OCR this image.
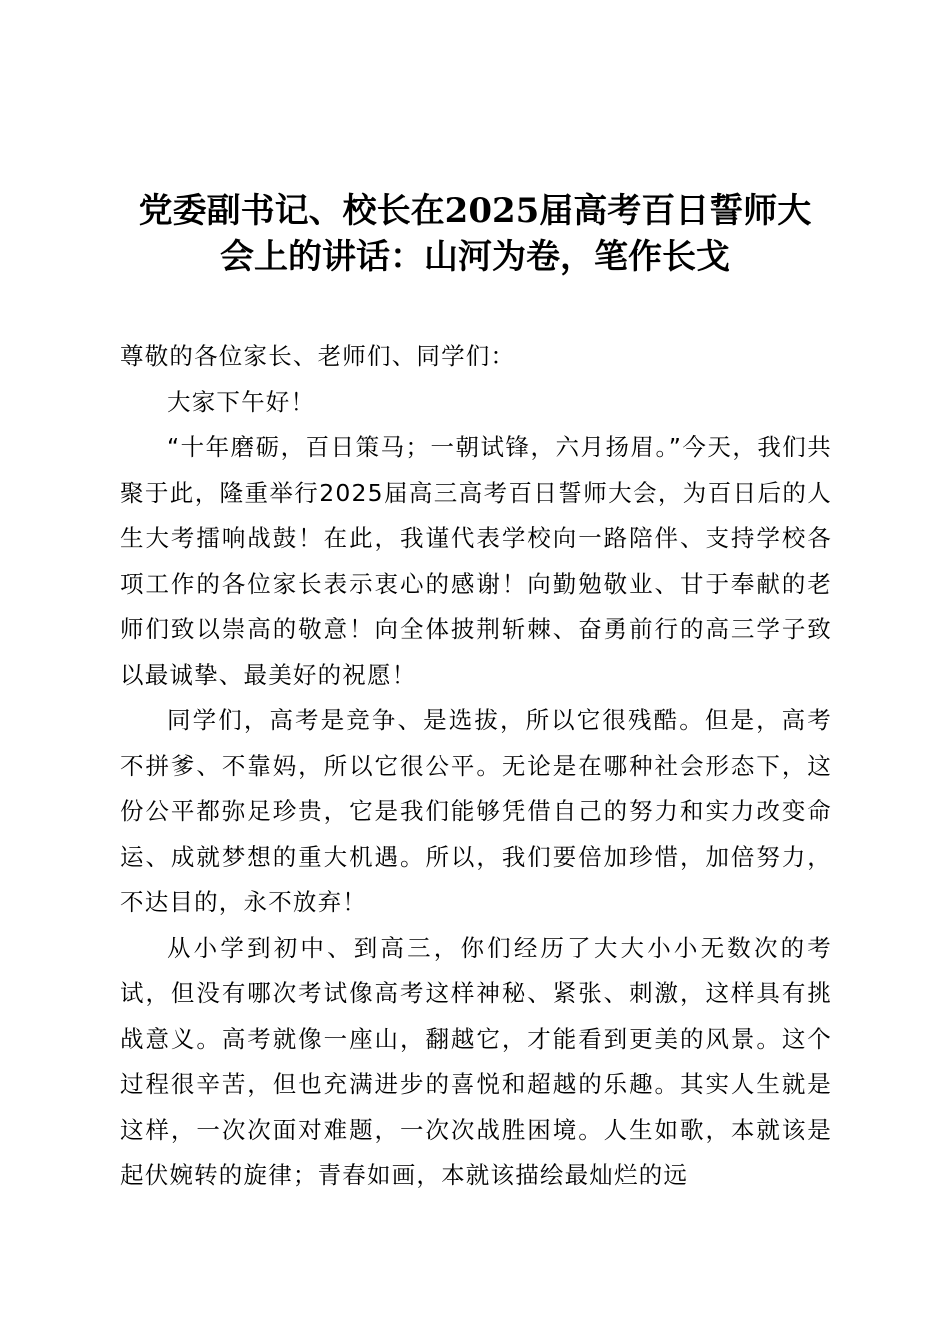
党委副书记、校长在2025届高考百日誓师大
会上的讲话：山河为卷，笔作长戈

尊敬的各位家长、老师们、同学们：

大家下午好！

“十年磨砺，百日策马；一朝试锋，六月扬眉。”今天，我们共聚于此，隆重举行2025届高三高考百日誓师大会，为百日后的人生大考擂响战鼓！在此，我谨代表学校向一路陪伴、支持学校各项工作的各位家长表示衷心的感谢！向勤勉敬业、甘于奉献的老师们致以崇高的敬意！向全体披荆斩棘、奋勇前行的高三学子致以最诚挚、最美好的祝愿！

同学们，高考是竞争、是选拔，所以它很残酷。但是，高考不拼爹、不靠妈，所以它很公平。无论是在哪种社会形态下，这份公平都弥足珍贵，它是我们能够凭借自己的努力和实力改变命运、成就梦想的重大机遇。所以，我们要倍加珍惜，加倍努力，不达目的，永不放弃！

从小学到初中、到高三，你们经历了大大小小无数次的考试，但没有哪次考试像高考这样神秘、紧张、刺激，这样具有挑战意义。高考就像一座山，翻越它，才能看到更美的风景。这个过程很辛苦，但也充满进步的喜悦和超越的乐趣。其实人生就是这样，一次次面对难题，一次次战胜困境。人生如歌，本就该是起伏婉转的旋律；青春如画，本就该描绘最灿烂的远
